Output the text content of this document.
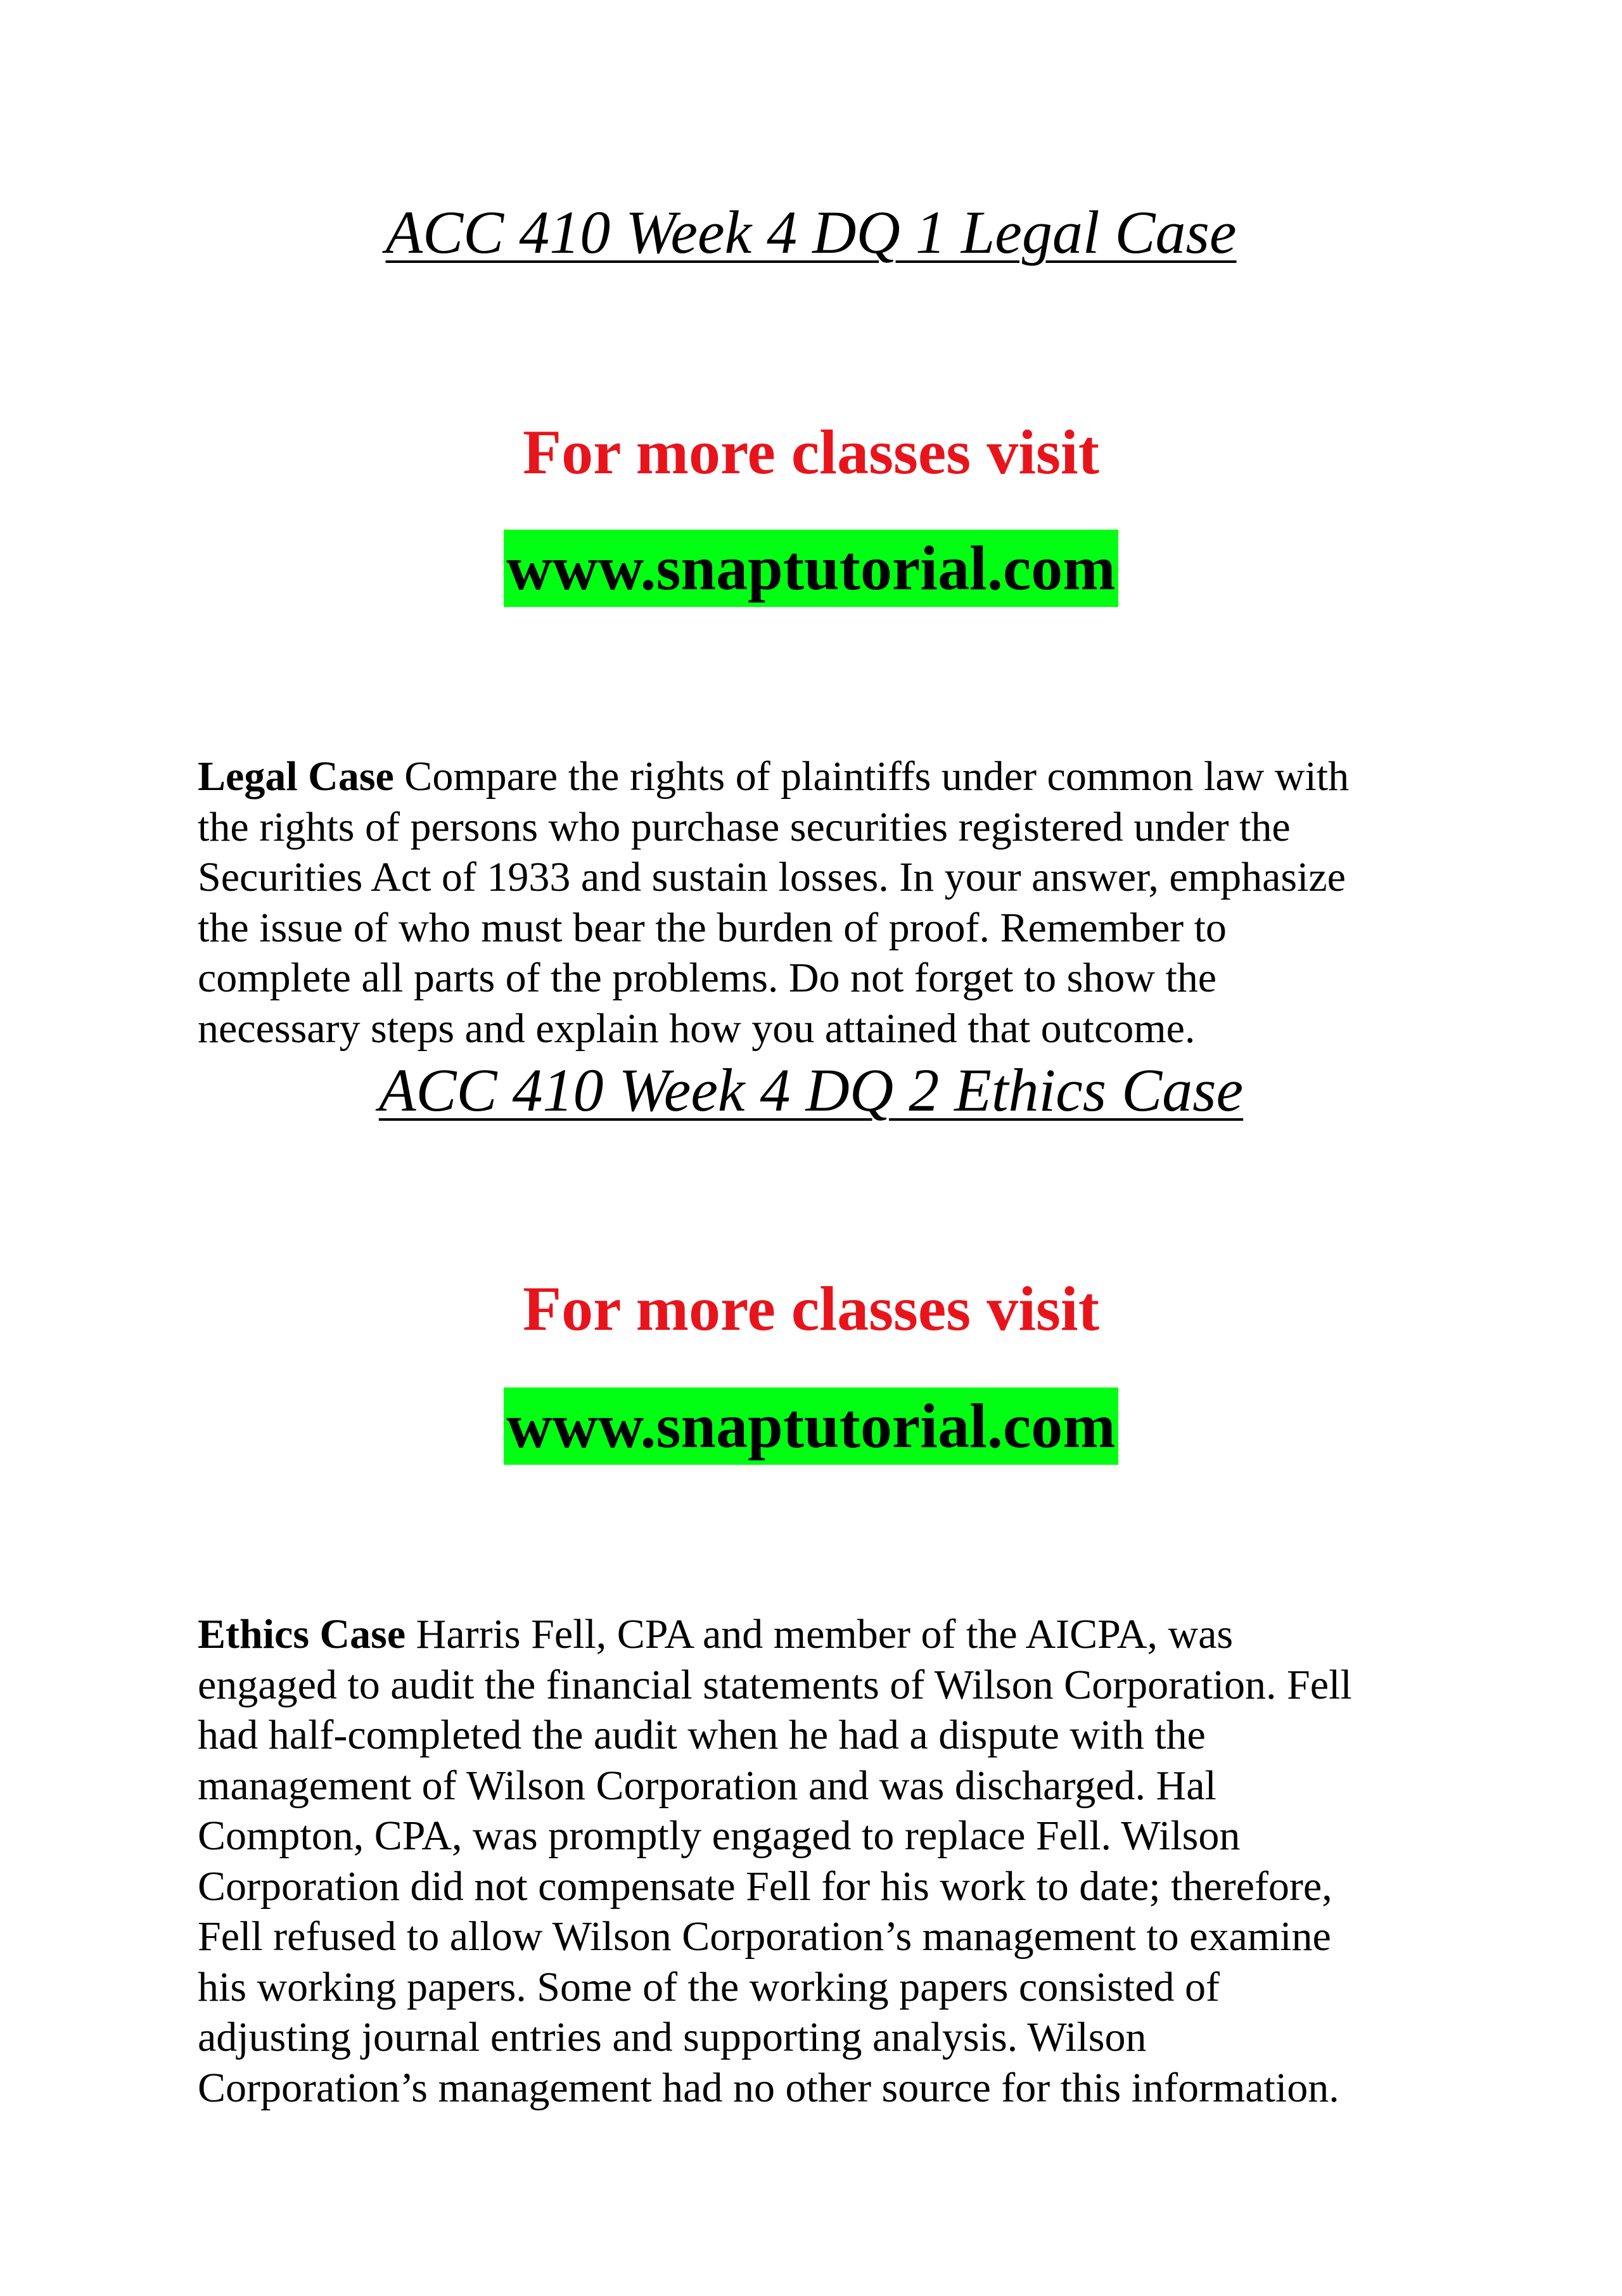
ACC 410 Week 4 DQ 1 Legal Case
For more classes visit
www.snaptutorial.com

Legal Case Compare the rights of plaintiffs under common law with
the rights of persons who purchase securities registered under the
Securities Act of 1933 and sustain losses. In your answer, emphasize
the issue of who must bear the burden of proof. Remember to
complete all parts of the problems. Do not forget to show the
necessary steps and explain how you attained that outcome.

ACC 410 Week 4 DQ 2 Ethics Case
For more classes visit
www.snaptutorial.com

Ethics Case Harris Fell, CPA and member of the AICPA, was
engaged to audit the financial statements of Wilson Corporation. Fell
had half-completed the audit when he had a dispute with the
management of Wilson Corporation and was discharged. Hal
Compton, CPA, was promptly engaged to replace Fell. Wilson
Corporation did not compensate Fell for his work to date; therefore,
Fell refused to allow Wilson Corporation’s management to examine
his working papers. Some of the working papers consisted of
adjusting journal entries and supporting analysis. Wilson
Corporation’s management had no other source for this information.
